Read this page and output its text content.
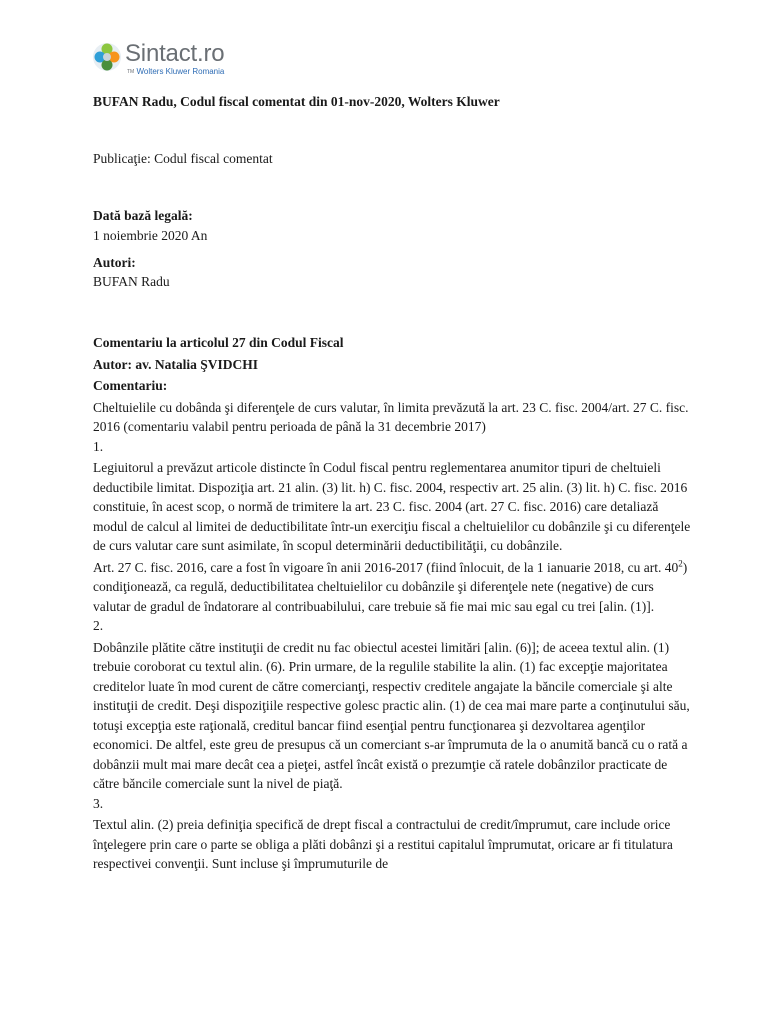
Sintact.ro
™ Wolters Kluwer Romania

BUFAN Radu, Codul fiscal comentat din 01-nov-2020, Wolters Kluwer

Publicaţie: Codul fiscal comentat

Dată bază legală:

1 noiembrie 2020 An

Autori:

BUFAN Radu

Comentariu la articolul 27 din Codul Fiscal

Autor: av. Natalia ŞVIDCHI

Comentariu:

Cheltuielile cu dobânda şi diferenţele de curs valutar, în limita prevăzută la art. 23 C. fisc. 2004/art. 27 C. fisc. 2016 (comentariu valabil pentru perioada de până la 31 decembrie 2017)

1.

Legiuitorul a prevăzut articole distincte în Codul fiscal pentru reglementarea anumitor tipuri de cheltuieli deductibile limitat. Dispoziţia art. 21 alin. (3) lit. h) C. fisc. 2004, respectiv art. 25 alin. (3) lit. h) C. fisc. 2016 constituie, în acest scop, o normă de trimitere la art. 23 C. fisc. 2004 (art. 27 C. fisc. 2016) care detaliază modul de calcul al limitei de deductibilitate într-un exerciţiu fiscal a cheltuielilor cu dobânzile şi cu diferenţele de curs valutar care sunt asimilate, în scopul determinării deductibilităţii, cu dobânzile.

Art. 27 C. fisc. 2016, care a fost în vigoare în anii 2016-2017 (fiind înlocuit, de la 1 ianuarie 2018, cu art. $40^2$) condiţionează, ca regulă, deductibilitatea cheltuielilor cu dobânzile şi diferenţele nete (negative) de curs valutar de gradul de îndatorare al contribuabilului, care trebuie să fie mai mic sau egal cu trei [alin. (1)].

2.

Dobânzile plătite către instituţii de credit nu fac obiectul acestei limitări [alin. (6)]; de aceea textul alin. (1) trebuie coroborat cu textul alin. (6). Prin urmare, de la regulile stabilite la alin. (1) fac excepţie majoritatea creditelor luate în mod curent de către comercianţi, respectiv creditele angajate la băncile comerciale şi alte instituţii de credit. Deşi dispoziţiile respective golesc practic alin. (1) de cea mai mare parte a conţinutului său, totuşi excepţia este raţională, creditul bancar fiind esenţial pentru funcţionarea şi dezvoltarea agenţilor economici. De altfel, este greu de presupus că un comerciant s-ar împrumuta de la o anumită bancă cu o rată a dobânzii mult mai mare decât cea a pieţei, astfel încât există o prezumţie că ratele dobânzilor practicate de către băncile comerciale sunt la nivel de piaţă.

3.

Textul alin. (2) preia definiţia specifică de drept fiscal a contractului de credit/împrumut, care include orice înţelegere prin care o parte se obliga a plăti dobânzi şi a restitui capitalul împrumutat, oricare ar fi titulatura respectivei convenţii. Sunt incluse şi împrumuturile de
